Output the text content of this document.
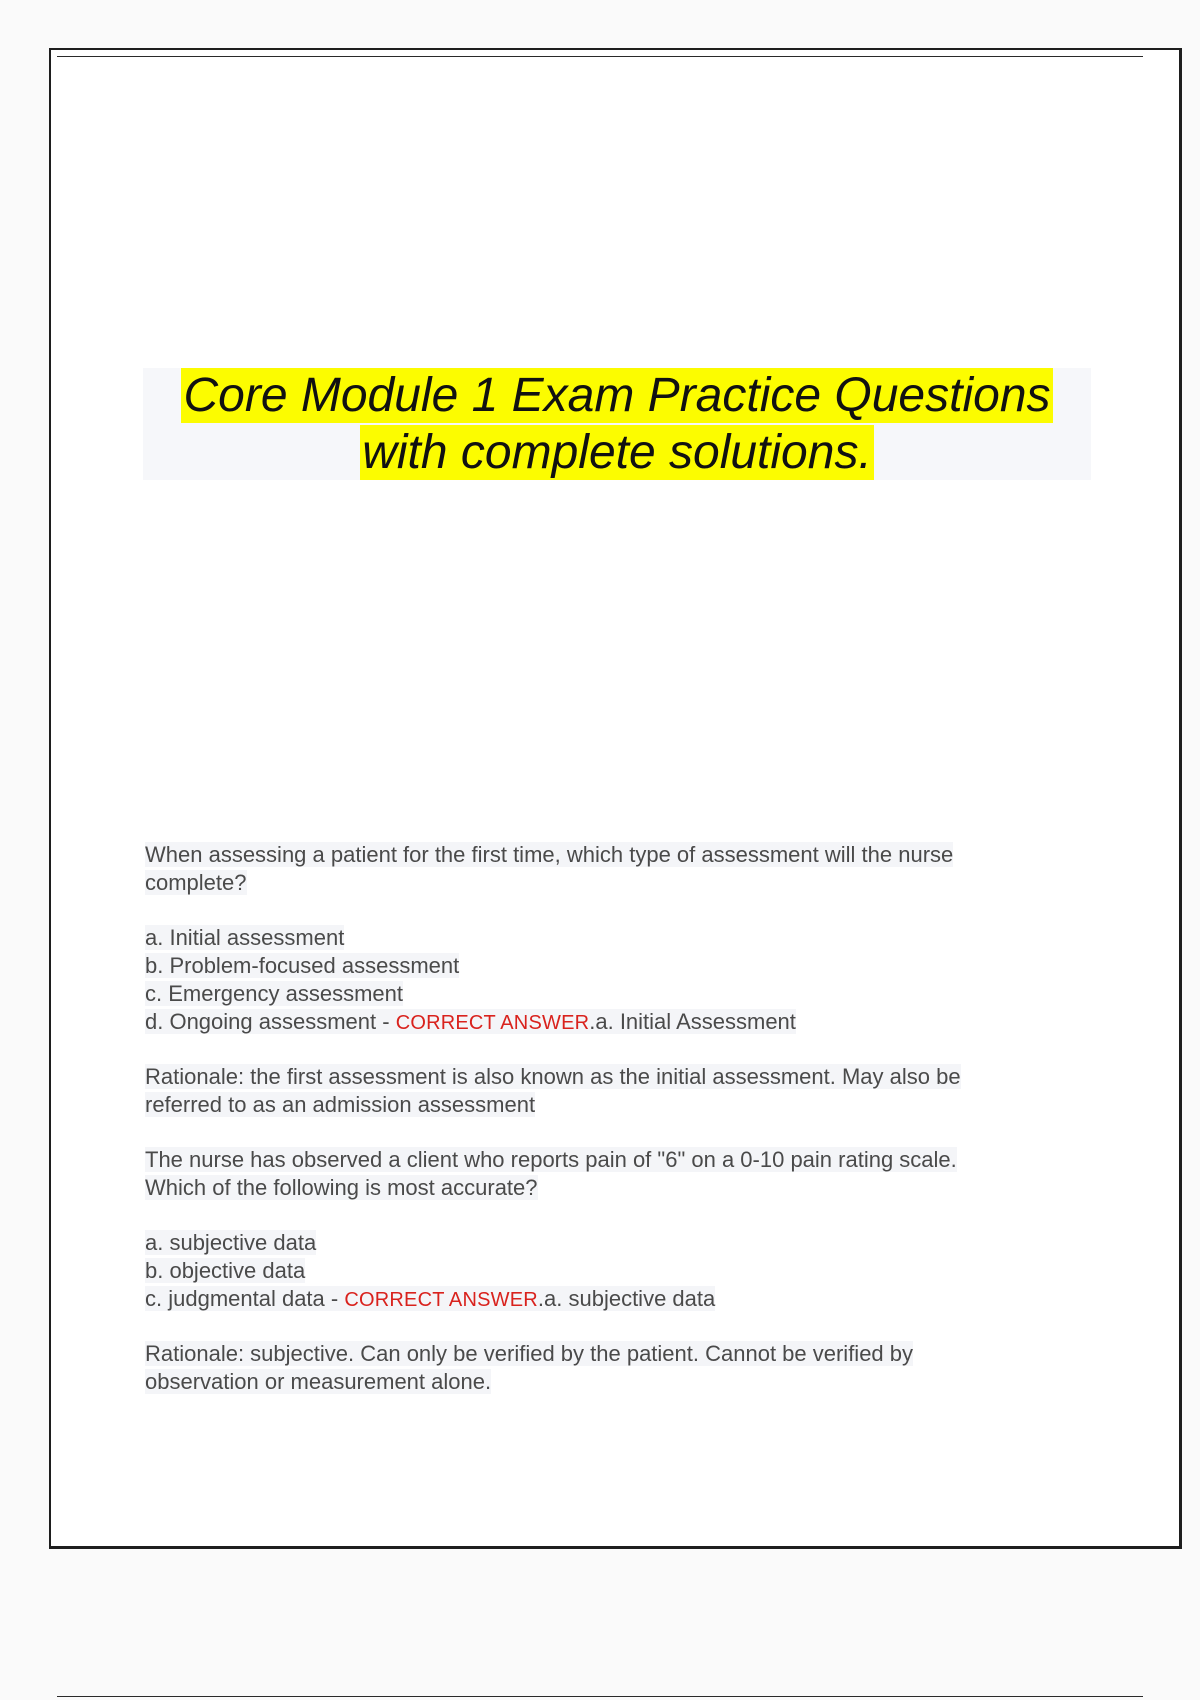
Core Module 1 Exam Practice Questions
with complete solutions.
When assessing a patient for the first time, which type of assessment will the nurse
complete?
a. Initial assessment
b. Problem-focused assessment
c. Emergency assessment
d. Ongoing assessment - CORRECT ANSWER.a. Initial Assessment
Rationale: the first assessment is also known as the initial assessment. May also be
referred to as an admission assessment
The nurse has observed a client who reports pain of "6" on a 0-10 pain rating scale.
Which of the following is most accurate?
a. subjective data
b. objective data
c. judgmental data - CORRECT ANSWER.a. subjective data
Rationale: subjective. Can only be verified by the patient. Cannot be verified by
observation or measurement alone.
